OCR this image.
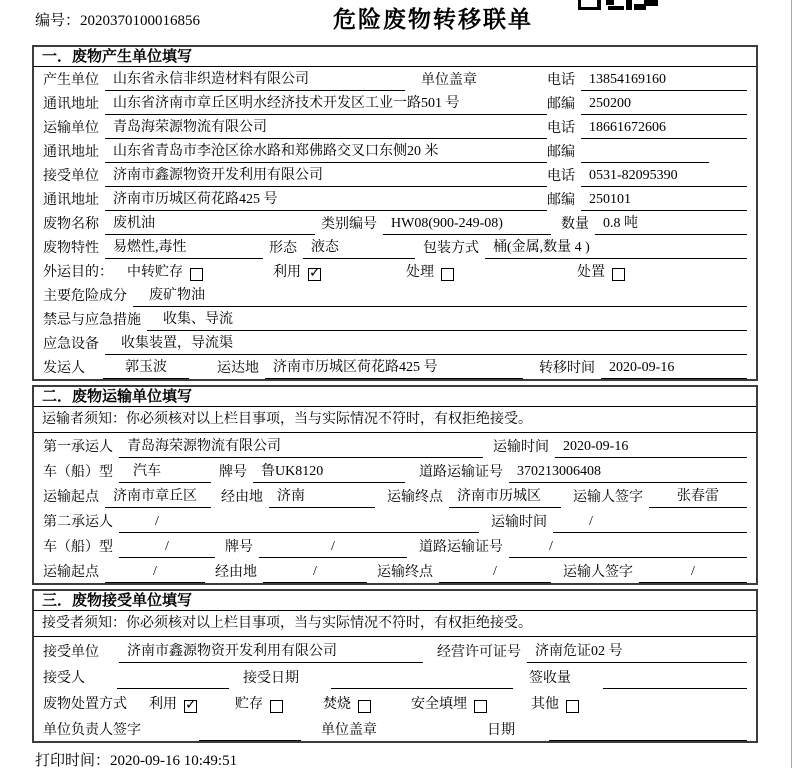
编号：2020370100016856	危险废物转移联单
一．废物产生单位填写
产生单位	山东省永信非织造材料有限公司	单位盖章	电话	13854169160
通讯地址	山东省济南市章丘区明水经济技术开发区工业一路501 号	邮编	250200
运输单位	青岛海荣源物流有限公司	电话	18661672606
通讯地址	山东省青岛市李沧区徐水路和郑佛路交叉口东侧20 米	邮编
接受单位	济南市鑫源物资开发利用有限公司	电话	0531-82095390
通讯地址	济南市历城区荷花路425 号	邮编	250101
废物名称	废机油	类别编号	HW08(900-249-08)	数量	0.8 吨
废物特性	易燃性,毒性	形态	液态	包装方式	桶(金属,数量 4 )
外运目的： 中转贮存	利用 ✓	处理	处置
主要危险成分	废矿物油
禁忌与应急措施	收集、导流
应急设备	收集装置，导流渠
发运人	郭玉波	运达地	济南市历城区荷花路425 号	转移时间	2020-09-16
二．废物运输单位填写
运输者须知：你必须核对以上栏目事项，当与实际情况不符时，有权拒绝接受。
第一承运人	青岛海荣源物流有限公司	运输时间	2020-09-16
车（船）型	汽车	牌号	鲁UK8120	道路运输证号	370213006408
运输起点	济南市章丘区	经由地	济南	运输终点	济南市历城区	运输人签字	张春雷
第二承运人	/	运输时间	/
车（船）型	/	牌号	/	道路运输证号	/
运输起点	/	经由地	/	运输终点	/	运输人签字	/
三．废物接受单位填写
接受者须知：你必须核对以上栏目事项，当与实际情况不符时，有权拒绝接受。
接受单位	济南市鑫源物资开发利用有限公司	经营许可证号	济南危证02 号
接受人	接受日期	签收量
废物处置方式 利用 ✓	贮存	焚烧	安全填埋	其他
单位负责人签字	单位盖章	日期
打印时间：2020-09-16 10:49:51
